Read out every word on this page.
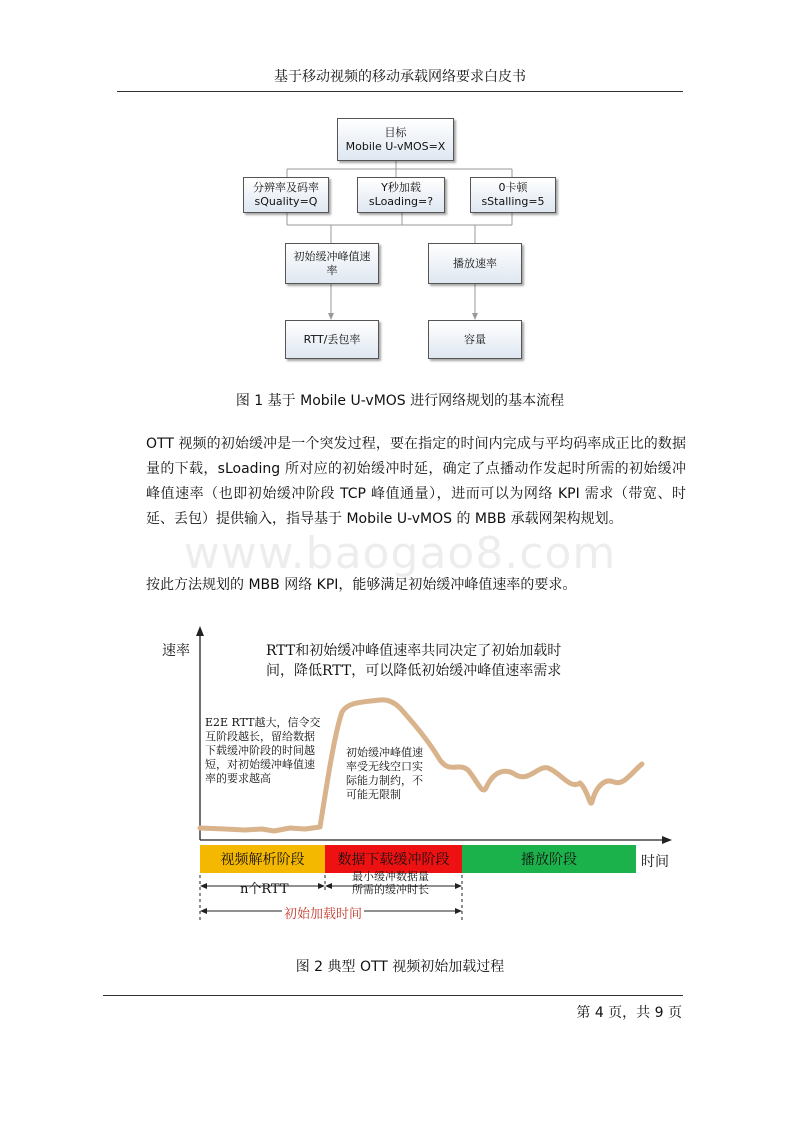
基于移动视频的移动承载网络要求白皮书
目标
Mobile U-vMOS=X
分辨率及码率
sQuality=Q
Y秒加载
sLoading=?
0卡顿
sStalling=5
初始缓冲峰值速
率
播放速率
RTT/丢包率	容量
图 1 基于 Mobile U-vMOS 进行网络规划的基本流程
OTT 视频的初始缓冲是一个突发过程，要在指定的时间内完成与平均码率成正比的数据量的下载，sLoading 所对应的初始缓冲时延，确定了点播动作发起时所需的初始缓冲峰值速率（也即初始缓冲阶段 TCP 峰值通量），进而可以为网络 KPI 需求（带宽、时延、丢包）提供输入，指导基于 Mobile U-vMOS 的 MBB 承载网架构规划。
www.baogao8.com
按此方法规划的 MBB 网络 KPI，能够满足初始缓冲峰值速率的要求。
速率
时间
RTT和初始缓冲峰值速率共同决定了初始加载时
间，降低RTT，可以降低初始缓冲峰值速率需求
E2E RTT越大，信令交
互阶段越长，留给数据
下载缓冲阶段的时间越
短，对初始缓冲峰值速
率的要求越高
初始缓冲峰值速
率受无线空口实
际能力制约，不
可能无限制
视频解析阶段 数据下载缓冲阶段	播放阶段
n个RTT
最小缓冲数据量
所需的缓冲时长
初始加载时间
图 2 典型 OTT 视频初始加载过程
第 4 页，共 9 页
